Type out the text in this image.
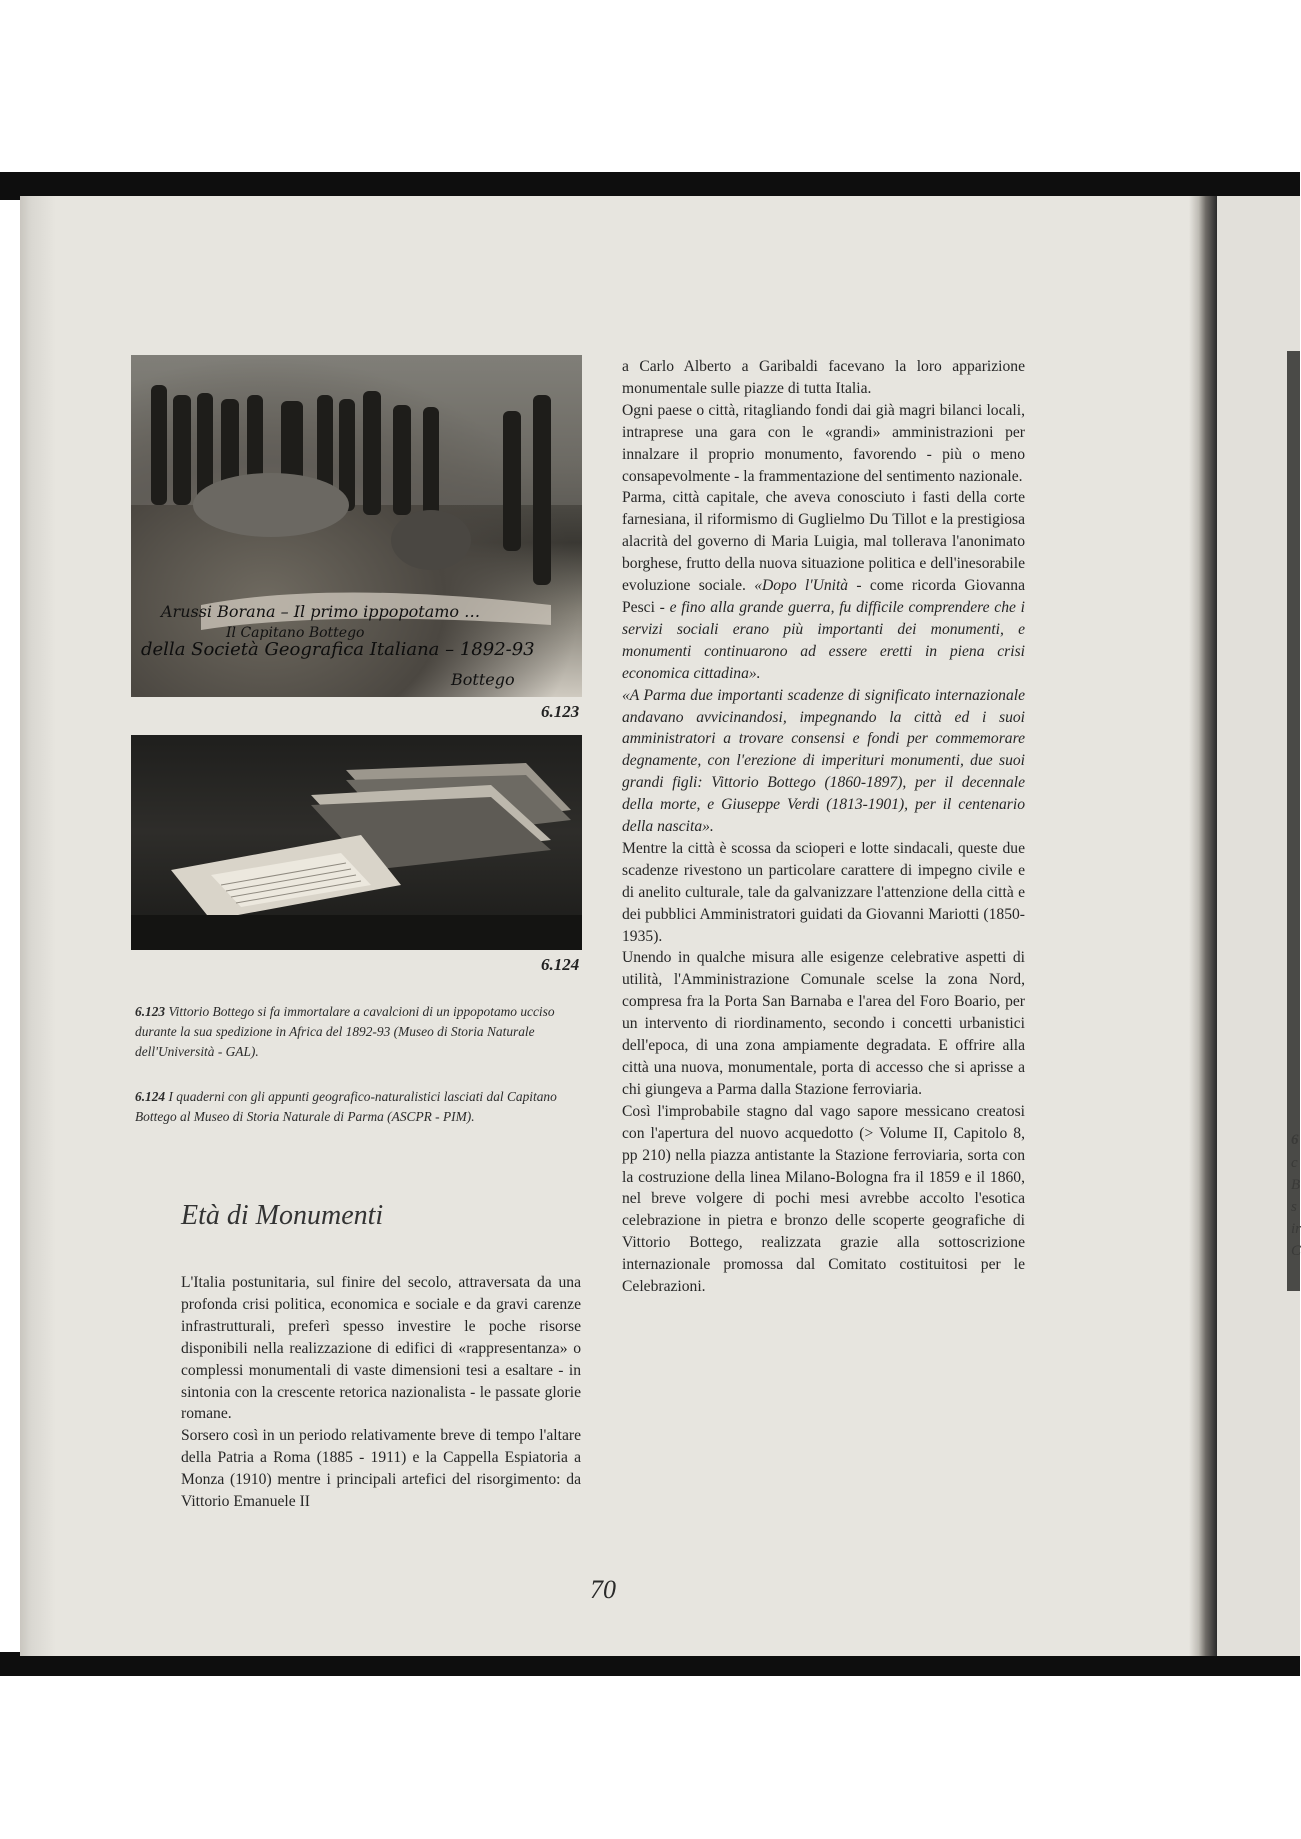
6
c
B
s
ir
C
Arussi Borana – Il primo ippopotamo …
Il Capitano Bottego
della Società Geografica Italiana – 1892-93
Bottego
6.123
6.124
6.123 Vittorio Bottego si fa immortalare a cavalcioni di un ippopotamo ucciso durante la sua spedizione in Africa del 1892-93 (Museo di Storia Naturale dell'Università - GAL).
6.124 I quaderni con gli appunti geografico-naturalistici lasciati dal Capitano Bottego al Museo di Storia Naturale di Parma (ASCPR - PIM).
Età di Monumenti

L'Italia postunitaria, sul finire del secolo, attraversata da una profonda crisi politica, economica e sociale e da gravi carenze infrastrutturali, preferì spesso investire le poche risorse disponibili nella realizzazione di edifici di «rappresentanza» o complessi monumentali di vaste dimensioni tesi a esaltare - in sintonia con la crescente retorica nazionalista - le passate glorie romane.

Sorsero così in un periodo relativamente breve di tempo l'altare della Patria a Roma (1885 - 1911) e la Cappella Espiatoria a Monza (1910) mentre i principali artefici del risorgimento: da Vittorio Emanuele II

a Carlo Alberto a Garibaldi facevano la loro apparizione monumentale sulle piazze di tutta Italia.

Ogni paese o città, ritagliando fondi dai già magri bilanci locali, intraprese una gara con le «grandi» amministrazioni per innalzare il proprio monumento, favorendo - più o meno consapevolmente - la frammentazione del sentimento nazionale.

Parma, città capitale, che aveva conosciuto i fasti della corte farnesiana, il riformismo di Guglielmo Du Tillot e la prestigiosa alacrità del governo di Maria Luigia, mal tollerava l'anonimato borghese, frutto della nuova situazione politica e dell'inesorabile evoluzione sociale. «Dopo l'Unità - come ricorda Giovanna Pesci - e fino alla grande guerra, fu difficile comprendere che i servizi sociali erano più importanti dei monumenti, e monumenti continuarono ad essere eretti in piena crisi economica cittadina».

«A Parma due importanti scadenze di significato internazionale andavano avvicinandosi, impegnando la città ed i suoi amministratori a trovare consensi e fondi per commemorare degnamente, con l'erezione di imperituri monumenti, due suoi grandi figli: Vittorio Bottego (1860-1897), per il decennale della morte, e Giuseppe Verdi (1813-1901), per il centenario della nascita».

Mentre la città è scossa da scioperi e lotte sindacali, queste due scadenze rivestono un particolare carattere di impegno civile e di anelito culturale, tale da galvanizzare l'attenzione della città e dei pubblici Amministratori guidati da Giovanni Mariotti (1850-1935).

Unendo in qualche misura alle esigenze celebrative aspetti di utilità, l'Amministrazione Comunale scelse la zona Nord, compresa fra la Porta San Barnaba e l'area del Foro Boario, per un intervento di riordinamento, secondo i concetti urbanistici dell'epoca, di una zona ampiamente degradata. E offrire alla città una nuova, monumentale, porta di accesso che si aprisse a chi giungeva a Parma dalla Stazione ferroviaria.

Così l'improbabile stagno dal vago sapore messicano creatosi con l'apertura del nuovo acquedotto (> Volume II, Capitolo 8, pp 210) nella piazza antistante la Stazione ferroviaria, sorta con la costruzione della linea Milano-Bologna fra il 1859 e il 1860, nel breve volgere di pochi mesi avrebbe accolto l'esotica celebrazione in pietra e bronzo delle scoperte geografiche di Vittorio Bottego, realizzata grazie alla sottoscrizione internazionale promossa dal Comitato costituitosi per le Celebrazioni.

70
